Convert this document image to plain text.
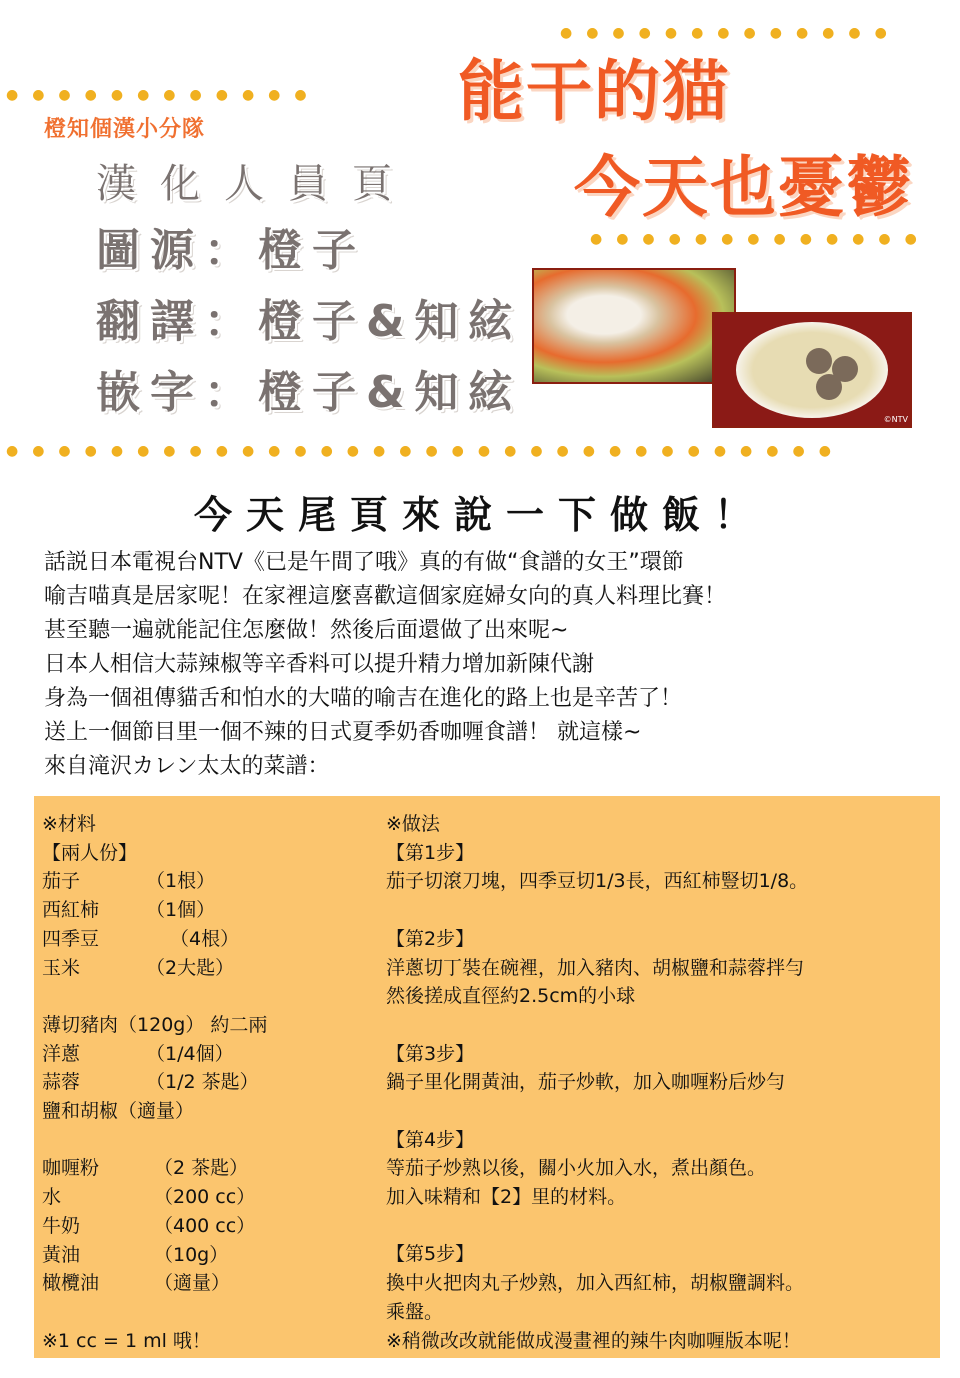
●●●●●●●●●●●●
●●●●●●●●●●●●●
●●●●●●●●●●●●●
●●●●●●●●●●●●●●●●●●●●●●●●●●●●●●●●
橙知個漢小分隊
漢化人員頁
圖源：橙子
翻譯：橙子&知絃
嵌字：橙子&知絃
能干的猫
今天也憂鬱
©NTV
今天尾頁來說一下做飯！
話説日本電視台NTV《已是午間了哦》真的有做“食譜的女王”環節
喻吉喵真是居家呢！在家裡這麼喜歡這個家庭婦女向的真人料理比賽！
甚至聽一遍就能記住怎麼做！然後后面還做了出來呢~
日本人相信大蒜辣椒等辛香料可以提升精力增加新陳代謝
身為一個祖傳貓舌和怕水的大喵的喻吉在進化的路上也是辛苦了！
送上一個節目里一個不辣的日式夏季奶香咖喱食譜！ 就這樣~
來自滝沢カレン太太的菜譜：
※材料
【兩人份】
茄子	（1根）
西紅柿 （1個）
四季豆	（4根）
玉米	（2大匙）
薄切豬肉（120g） 約二兩
洋蔥	（1/4個）
蒜蓉	（1/2 茶匙）
鹽和胡椒（適量）
咖喱粉	（2 茶匙）
水	（200 cc）
牛奶	（400 cc）
黃油	（10g）
橄欖油	（適量）
※1 cc = 1 ml 哦！
※做法
【第1步】
茄子切滾刀塊，四季豆切1/3長，西紅柿豎切1/8。
【第2步】
洋蔥切丁裝在碗裡，加入豬肉、胡椒鹽和蒜蓉拌勻
然後搓成直徑約2.5cm的小球
【第3步】
鍋子里化開黃油，茄子炒軟，加入咖喱粉后炒勻
【第4步】
等茄子炒熟以後，關小火加入水，煮出顏色。
加入味精和【2】里的材料。
【第5步】
換中火把肉丸子炒熟，加入西紅柿，胡椒鹽調料。
乘盤。
※稍微改改就能做成漫畫裡的辣牛肉咖喱版本呢！
